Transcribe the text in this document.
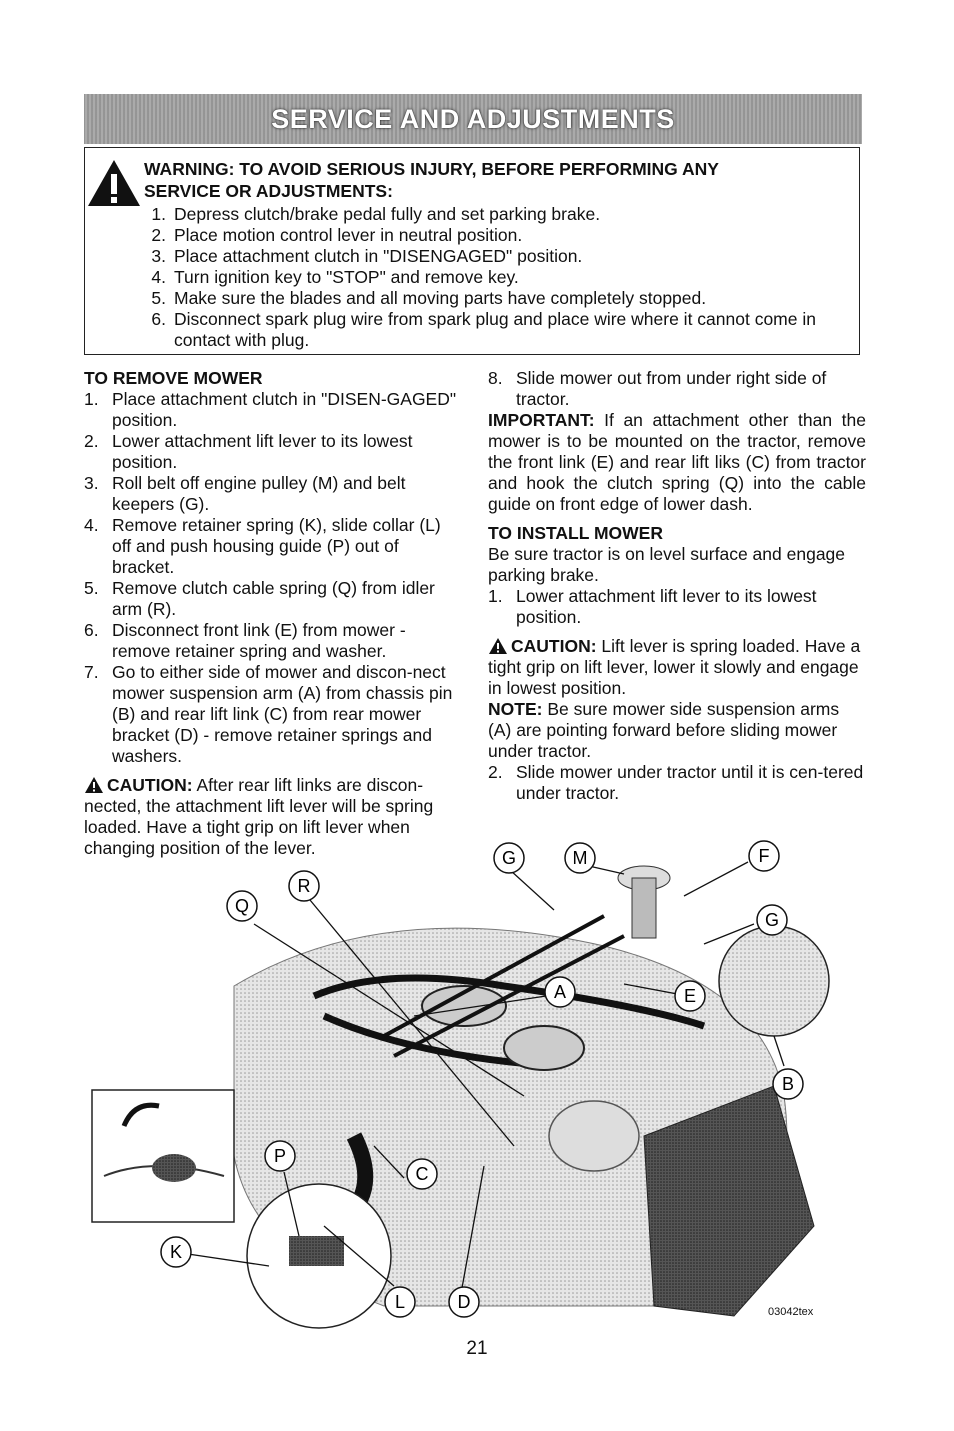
SERVICE AND ADJUSTMENTS
WARNING: TO AVOID SERIOUS INJURY, BEFORE PERFORMING ANY
SERVICE OR ADJUSTMENTS:
1. Depress clutch/brake pedal fully and set parking brake.
2. Place motion control lever in neutral position.
3. Place attachment clutch in "DISENGAGED" position.
4. Turn ignition key to "STOP" and remove key.
5. Make sure the blades and all moving parts have completely stopped.
6. Disconnect spark plug wire from spark plug and place wire where it cannot come in contact with plug.
TO REMOVE MOWER
1. Place attachment clutch in "DISEN-GAGED" position.
2. Lower attachment lift lever to its lowest position.
3. Roll belt off engine pulley (M) and belt keepers (G).
4. Remove retainer spring (K), slide collar (L) off and push housing guide (P) out of bracket.
5. Remove clutch cable spring (Q) from idler arm (R).
6. Disconnect front link (E) from mower - remove retainer spring and washer.
7. Go to either side of mower and discon-nect mower suspension arm (A) from chassis pin (B) and rear lift link (C) from rear mower bracket (D) - remove retainer springs and washers.

CAUTION: After rear lift links are discon-nected, the attachment lift lever will be spring loaded. Have a tight grip on lift lever when changing position of the lever.

8. Slide mower out from under right side of tractor.

IMPORTANT: If an attachment other than the mower is to be mounted on the tractor, remove the front link (E) and rear lift liks (C) from tractor and hook the clutch spring (Q) into the cable guide on front edge of lower dash.

TO INSTALL MOWER

Be sure tractor is on level surface and engage parking brake.

1. Lower attachment lift lever to its lowest position.

CAUTION: Lift lever is spring loaded. Have a tight grip on lift lever, lower it slowly and engage in lowest position.

NOTE: Be sure mower side suspension arms (A) are pointing forward before sliding mower under tractor.

2. Slide mower under tractor until it is cen-tered under tractor.
G	M	F
Q
R
G
A	E
B
P
C
K
L	D	03042tex
21
